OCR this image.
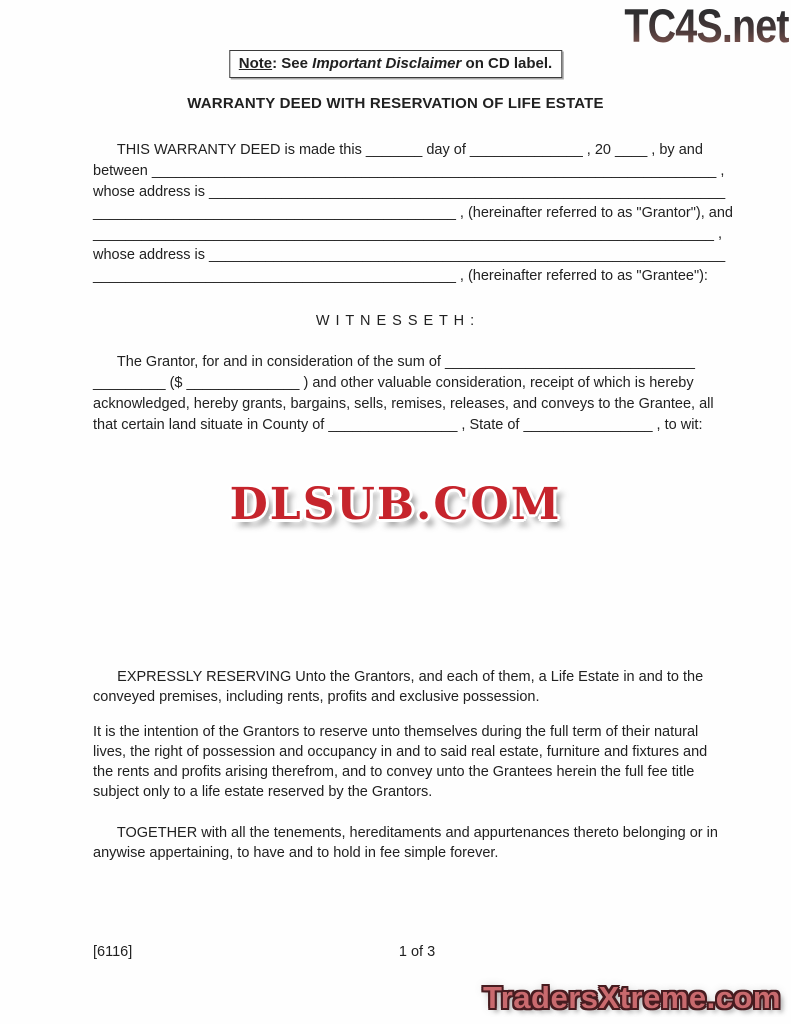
TC4S.net
Note: See Important Disclaimer on CD label.
WARRANTY DEED WITH RESERVATION OF LIFE ESTATE
THIS WARRANTY DEED is made this _______ day of ______________ , 20 ____ , by and
between ______________________________________________________________________ ,
whose address is ________________________________________________________________
_____________________________________________ , (hereinafter referred to as "Grantor"), and
_____________________________________________________________________________ ,
whose address is ________________________________________________________________
_____________________________________________ , (hereinafter referred to as "Grantee"):
W I T N E S S E T H :
The Grantor, for and in consideration of the sum of _______________________________
_________ ($ ______________ ) and other valuable consideration, receipt of which is hereby
acknowledged, hereby grants, bargains, sells, remises, releases, and conveys to the Grantee, all
that certain land situate in County of ________________ , State of ________________ , to wit:
DLSUB.COM
EXPRESSLY RESERVING Unto the Grantors, and each of them, a Life Estate in and to the
conveyed premises, including rents, profits and exclusive possession.
It is the intention of the Grantors to reserve unto themselves during the full term of their natural
lives, the right of possession and occupancy in and to said real estate, furniture and fixtures and
the rents and profits arising therefrom, and to convey unto the Grantees herein the full fee title
subject only to a life estate reserved by the Grantors.
TOGETHER with all the tenements, hereditaments and appurtenances thereto belonging or in
anywise appertaining, to have and to hold in fee simple forever.
[6116]	1 of 3
TradersXtreme.com
